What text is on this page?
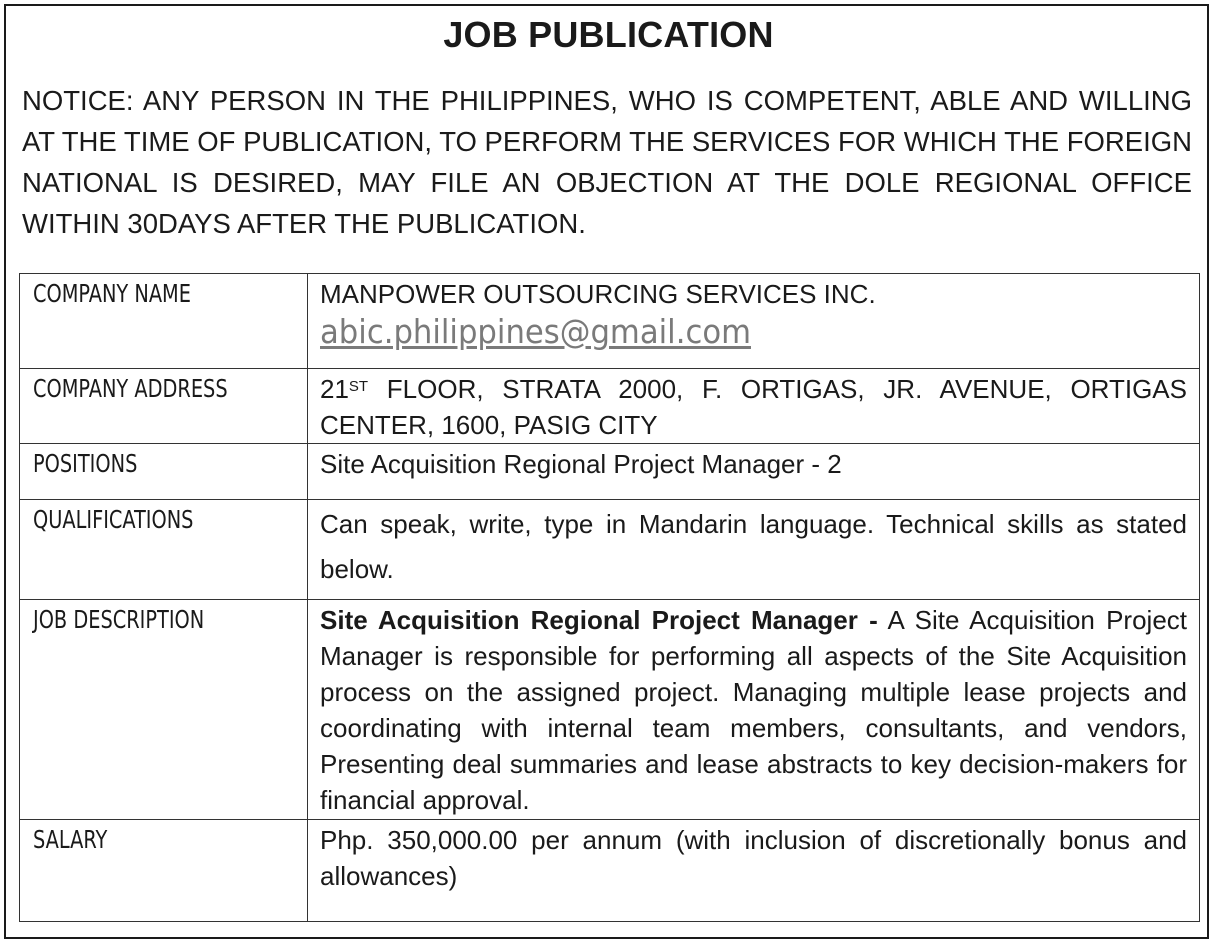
JOB PUBLICATION

NOTICE: ANY PERSON IN THE PHILIPPINES, WHO IS COMPETENT, ABLE AND WILLING AT THE TIME OF PUBLICATION, TO PERFORM THE SERVICES FOR WHICH THE FOREIGN NATIONAL IS DESIRED, MAY FILE AN OBJECTION AT THE DOLE REGIONAL OFFICE WITHIN 30DAYS AFTER THE PUBLICATION.

COMPANY NAME	MANPOWER OUTSOURCING SERVICES INC.
abic.philippines@gmail.com
COMPANY ADDRESS	21ST FLOOR, STRATA 2000, F. ORTIGAS, JR. AVENUE, ORTIGAS CENTER, 1600, PASIG CITY
POSITIONS	Site Acquisition Regional Project Manager - 2
QUALIFICATIONS	Can speak, write, type in Mandarin language. Technical skills as stated below.
JOB DESCRIPTION	Site Acquisition Regional Project Manager - A Site Acquisition Project Manager is responsible for performing all aspects of the Site Acquisition process on the assigned project. Managing multiple lease projects and coordinating with internal team members, consultants, and vendors, Presenting deal summaries and lease abstracts to key decision-makers for financial approval.
SALARY	Php. 350,000.00 per annum (with inclusion of discretionally bonus and allowances)
